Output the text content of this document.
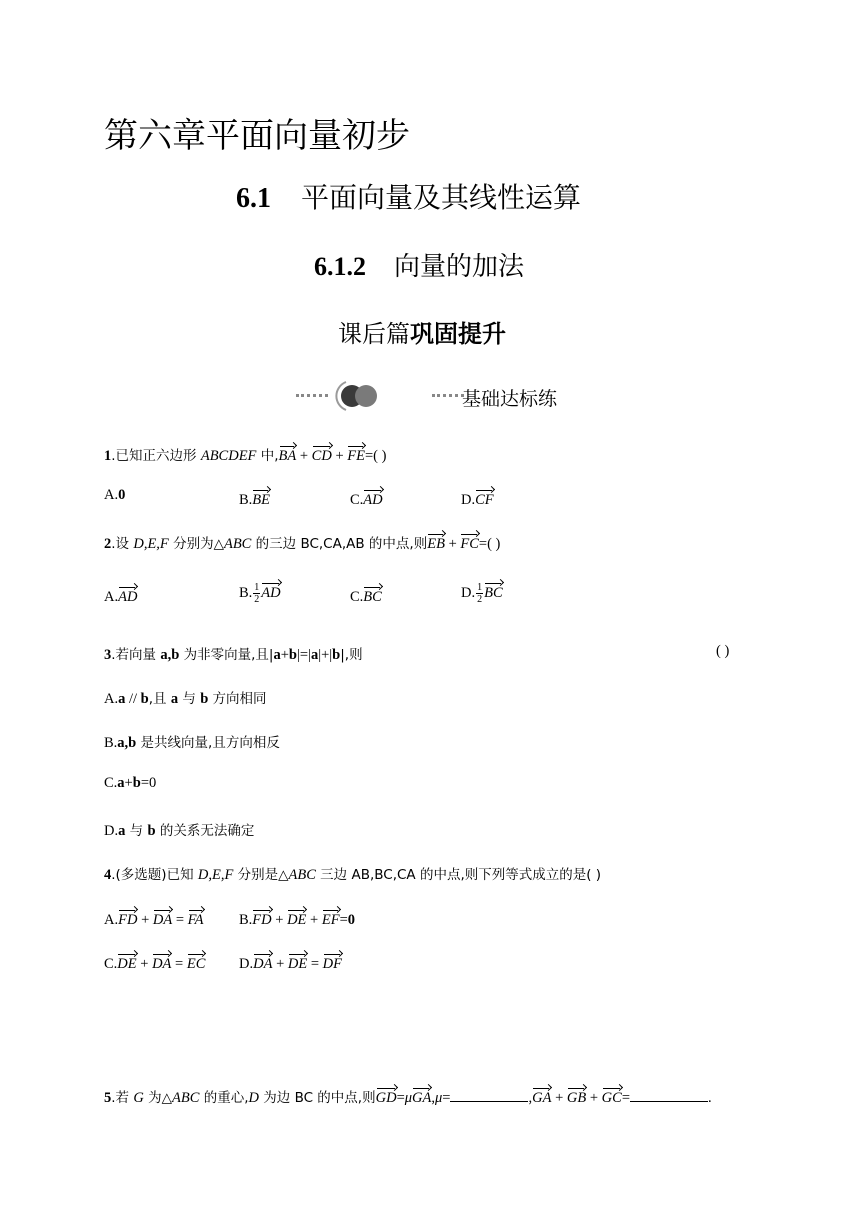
第六章平面向量初步
6.1 平面向量及其线性运算
6.1.2 向量的加法
课后篇巩固提升
基础达标练
1.已知正六边形 ABCDEF 中,BA + CD + FE=( )
A.0	B.BE	C.AD	D.CF
2.设 D,E,F 分别为△ABC 的三边 BC,CA,AB 的中点,则EB + FC=( )
A.AD	B. $\frac{1}{2}$ AD	C.BC	D. $\frac{1}{2}$ BC
3.若向量 a,b 为非零向量,且|a+b|=|a|+|b|,则	( )
A.a // b,且 a 与 b 方向相同
B.a,b 是共线向量,且方向相反
C.a+b=0
D.a 与 b 的关系无法确定
4.(多选题)已知 D,E,F 分别是△ABC 三边 AB,BC,CA 的中点,则下列等式成立的是( )
A.FD + DA = FA B.FD + DE + EF=0
C.DE + DA = EC D.DA + DE = DF
5.若 G 为△ABC 的重心,D 为边 BC 的中点,则GD=μGA,μ=	,GA + GB + GC=	.
